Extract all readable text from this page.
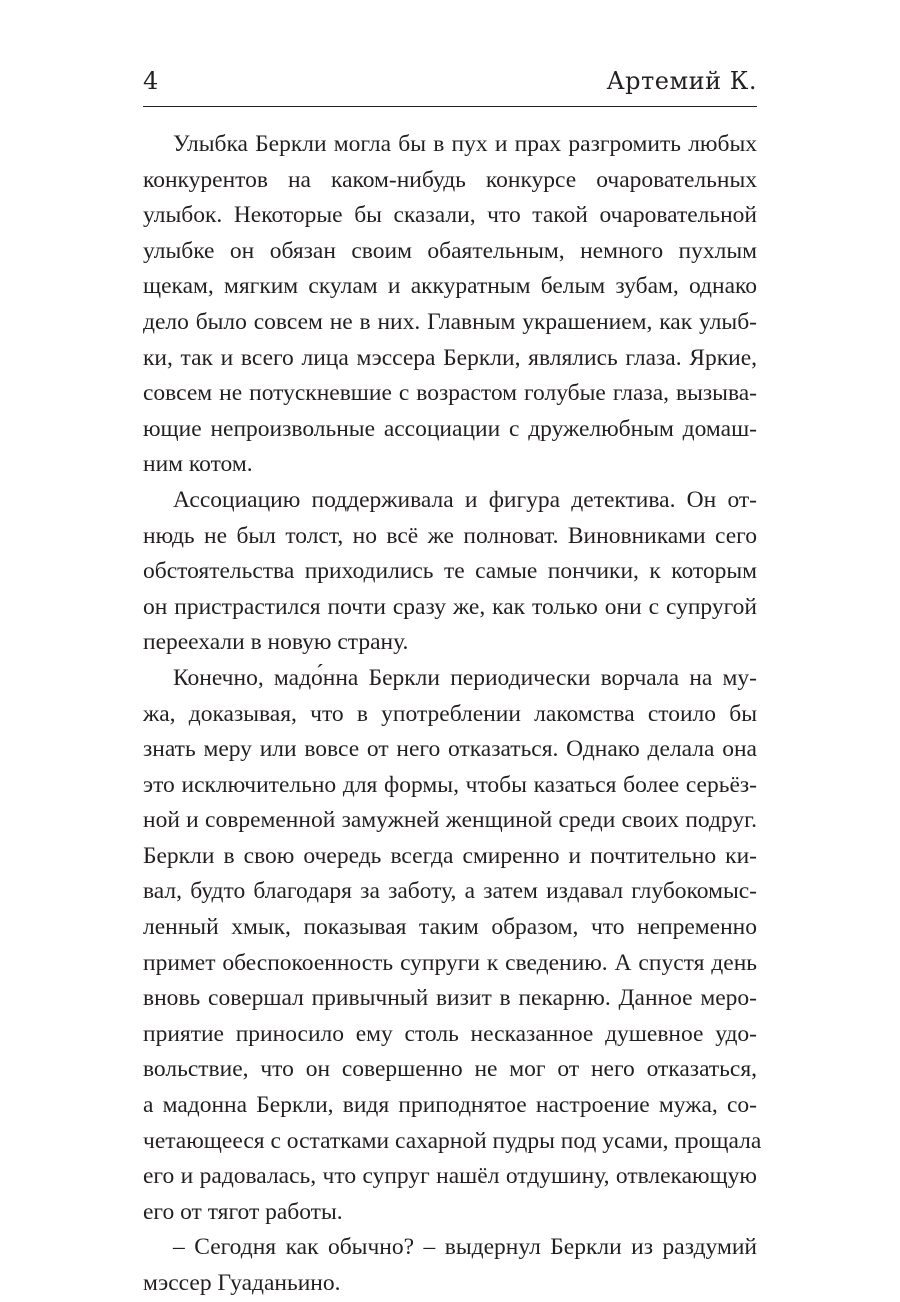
4	Артемий К.
Улыбка Беркли могла бы в пух и прах разгромить любых
конкурентов на каком-нибудь конкурсе очаровательных
улыбок. Некоторые бы сказали, что такой очаровательной
улыбке он обязан своим обаятельным, немного пухлым
щекам, мягким скулам и аккуратным белым зубам, однако
дело было совсем не в них. Главным украшением, как улыб-
ки, так и всего лица мэссера Беркли, являлись глаза. Яркие,
совсем не потускневшие с возрастом голубые глаза, вызыва-
ющие непроизвольные ассоциации с дружелюбным домаш-
ним котом.
Ассоциацию поддерживала и фигура детектива. Он от-
нюдь не был толст, но всё же полноват. Виновниками сего
обстоятельства приходились те самые пончики, к которым
он пристрастился почти сразу же, как только они с супругой
переехали в новую страну.
Конечно, мадо́нна Беркли периодически ворчала на му-
жа, доказывая, что в употреблении лакомства стоило бы
знать меру или вовсе от него отказаться. Однако делала она
это исключительно для формы, чтобы казаться более серьёз-
ной и современной замужней женщиной среди своих подруг.
Беркли в свою очередь всегда смиренно и почтительно ки-
вал, будто благодаря за заботу, а затем издавал глубокомыс-
ленный хмык, показывая таким образом, что непременно
примет обеспокоенность супруги к сведению. А спустя день
вновь совершал привычный визит в пекарню. Данное меро-
приятие приносило ему столь несказанное душевное удо-
вольствие, что он совершенно не мог от него отказаться,
а мадонна Беркли, видя приподнятое настроение мужа, со-
четающееся с остатками сахарной пудры под усами, прощала
его и радовалась, что супруг нашёл отдушину, отвлекающую
его от тягот работы.
– Сегодня как обычно? – выдернул Беркли из раздумий
мэссер Гуаданьино.
